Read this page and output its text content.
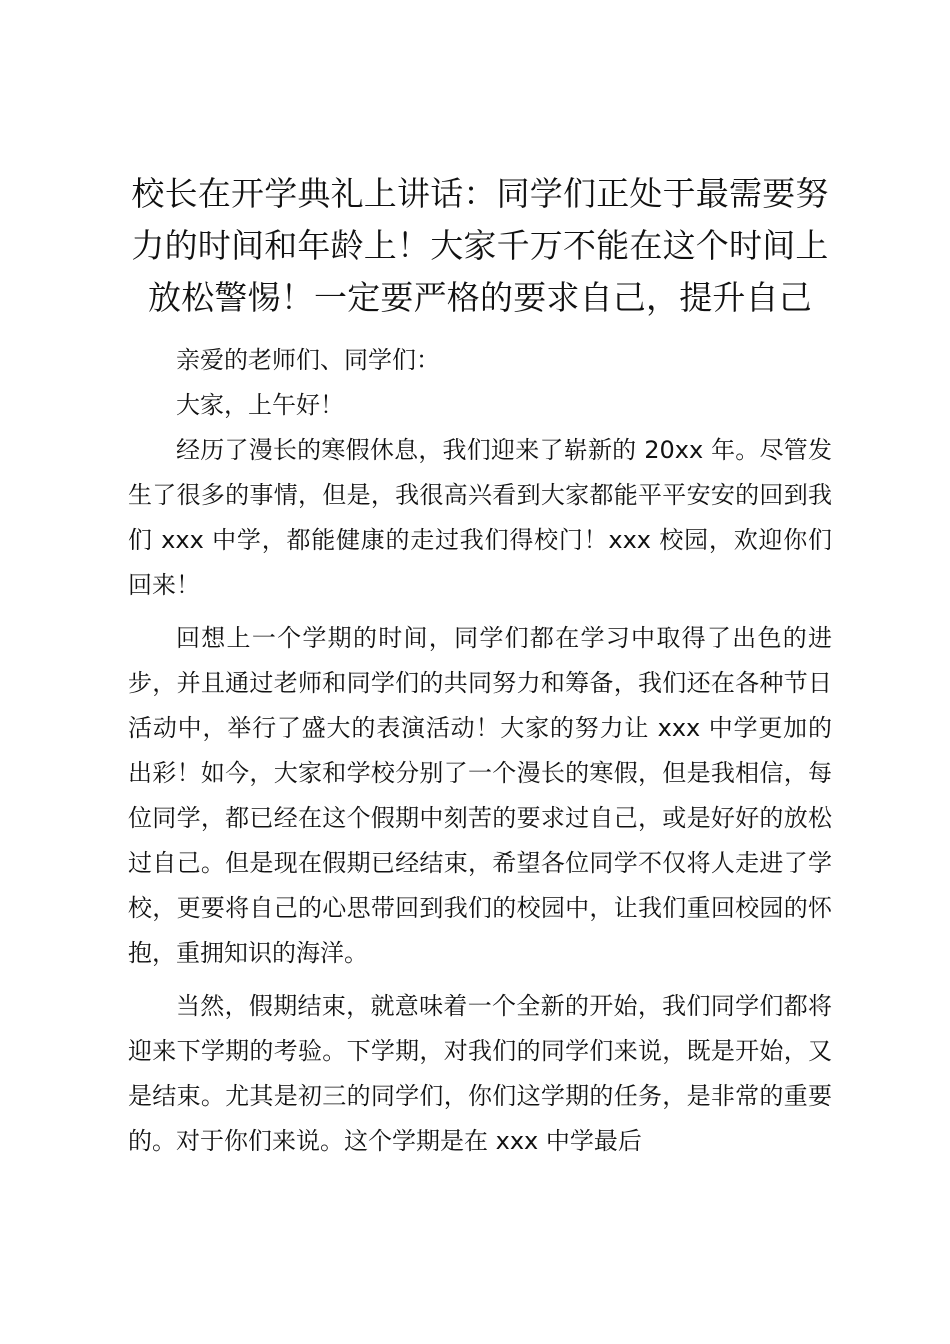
校长在开学典礼上讲话：同学们正处于最需要努力的时间和年龄上！大家千万不能在这个时间上放松警惕！一定要严格的要求自己，提升自己

亲爱的老师们、同学们：

大家，上午好！

经历了漫长的寒假休息，我们迎来了崭新的 20xx 年。尽管发生了很多的事情，但是，我很高兴看到大家都能平平安安的回到我们 xxx 中学，都能健康的走过我们得校门！xxx 校园，欢迎你们回来！

回想上一个学期的时间，同学们都在学习中取得了出色的进步，并且通过老师和同学们的共同努力和筹备，我们还在各种节日活动中，举行了盛大的表演活动！大家的努力让 xxx 中学更加的出彩！如今，大家和学校分别了一个漫长的寒假，但是我相信，每位同学，都已经在这个假期中刻苦的要求过自己，或是好好的放松过自己。但是现在假期已经结束，希望各位同学不仅将人走进了学校，更要将自己的心思带回到我们的校园中，让我们重回校园的怀抱，重拥知识的海洋。

当然，假期结束，就意味着一个全新的开始，我们同学们都将迎来下学期的考验。下学期，对我们的同学们来说，既是开始，又是结束。尤其是初三的同学们，你们这学期的任务，是非常的重要的。对于你们来说。这个学期是在 xxx 中学最后
